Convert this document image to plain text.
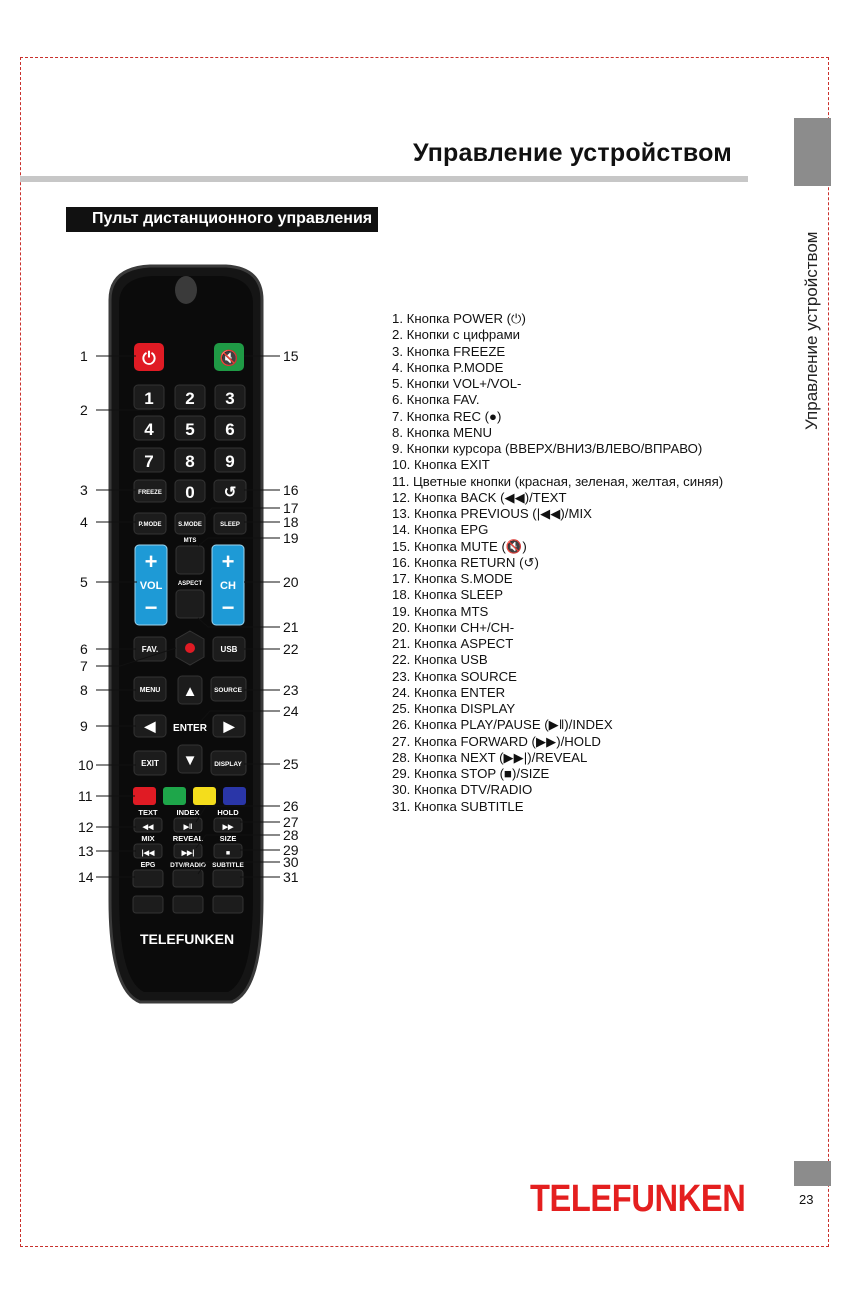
Управление устройством
Управление устройством
Пульт дистанционного управления
1. Кнопка POWER (⏻)
2. Кнопки с цифрами
3. Кнопка FREEZE
4. Кнопка P.MODE
5. Кнопки VOL+/VOL-
6. Кнопка FAV.
7. Кнопка REC (●)
8. Кнопка MENU
9. Кнопки курсора (ВВЕРХ/ВНИЗ/ВЛЕВО/ВПРАВО)
10. Кнопка EXIT
11. Цветные кнопки (красная, зеленая, желтая, синяя)
12. Кнопка BACK (◀◀)/TEXT
13. Кнопка PREVIOUS (|◀◀)/MIX
14. Кнопка EPG
15. Кнопка MUTE (🔇)
16. Кнопка RETURN (↺)
17. Кнопка S.MODE
18. Кнопка SLEEP
19. Кнопка MTS
20. Кнопки CH+/CH-
21. Кнопка ASPECT
22. Кнопка USB
23. Кнопка SOURCE
24. Кнопка ENTER
25. Кнопка DISPLAY
26. Кнопка PLAY/PAUSE (▶‖)/INDEX
27. Кнопка FORWARD (▶▶)/HOLD
28. Кнопка NEXT (▶▶|)/REVEAL
29. Кнопка STOP (■)/SIZE
30. Кнопка DTV/RADIO
31. Кнопка SUBTITLE
⏻	🔇
1 2 3
4 5 6
7 8 9
FREEZE 0 ↺
P.MODE	S.MODE	SLEEP
+
VOL
−
+
CH
−
MTS
ASPECT
FAV.	USB
MENU	SOURCE
▲
◀ ENTER ▶
▼
EXIT	DISPLAY
TEXT	INDEX HOLD
◀◀	▶‖	▶▶
MIX REVEAL SIZE
|◀◀	▶▶|	■
EPG DTV/RADIO SUBTITLE
TELEFUNKEN
1
2
3
4
5
6
7
8
9
10
11
12
13
14
15
16
17
18
19
20
21
22
23
24
25
26
27
28
29
30
31
TELEFUNKEN	23
